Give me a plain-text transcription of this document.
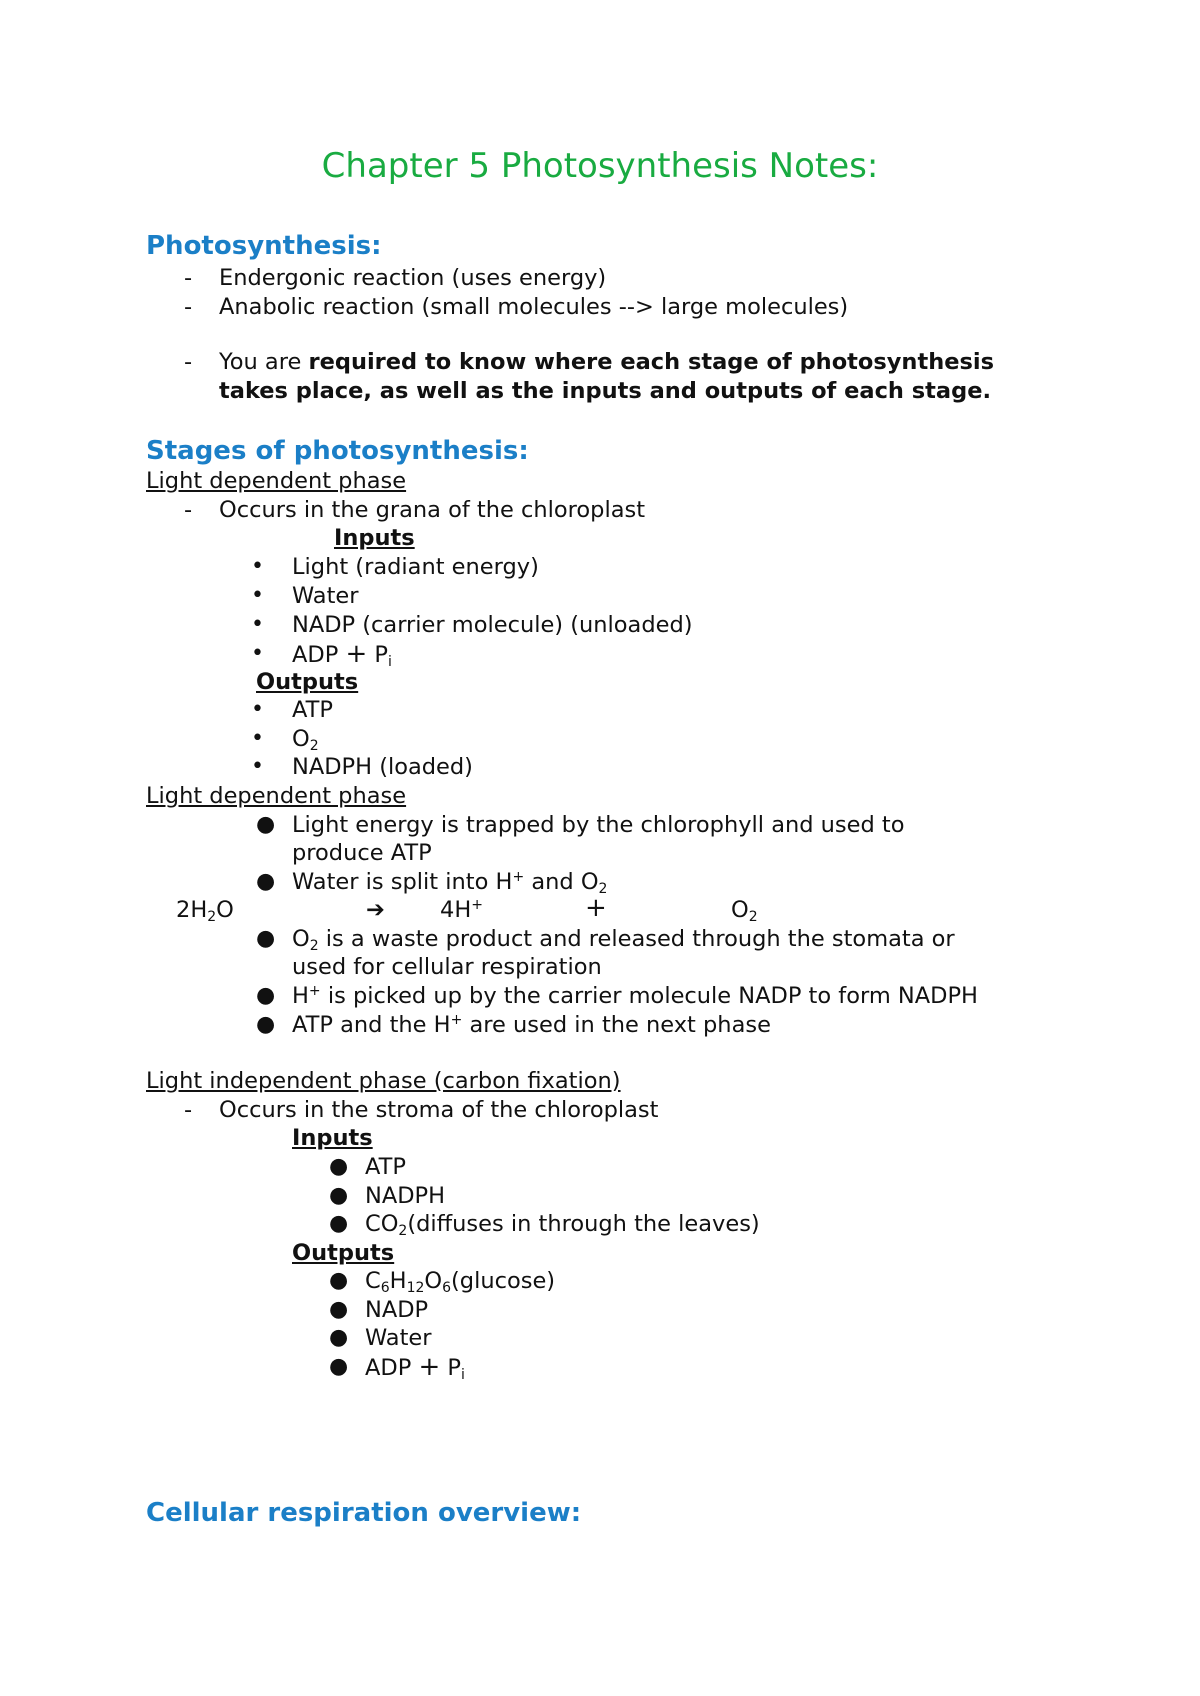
Chapter 5 Photosynthesis Notes:
Photosynthesis:
- Endergonic reaction (uses energy)
- Anabolic reaction (small molecules --> large molecules)
- You are required to know where each stage of photosynthesis
takes place, as well as the inputs and outputs of each stage.
Stages of photosynthesis:
Light dependent phase
- Occurs in the grana of the chloroplast
Inputs
• Light (radiant energy)
• Water
• NADP (carrier molecule) (unloaded)
• ADP + $P_i$
Outputs
• ATP
• $O_2$
• NADPH (loaded)
Light dependent phase
● Light energy is trapped by the chlorophyll and used to
produce ATP
● Water is split into H+ and $O_2$
$2H_2O$	➔ 4H+	+	$O_2$
● $O_2$ is a waste product and released through the stomata or
used for cellular respiration
● H+ is picked up by the carrier molecule NADP to form NADPH
● ATP and the H+ are used in the next phase
Light independent phase (carbon fixation)
- Occurs in the stroma of the chloroplast
Inputs
● ATP
● NADPH
● $CO_2(diffuses$ in through the leaves)
Outputs
● $C_6H_{12}O_6(glucose)$
● NADP
● Water
● ADP + $P_i$
Cellular respiration overview:
